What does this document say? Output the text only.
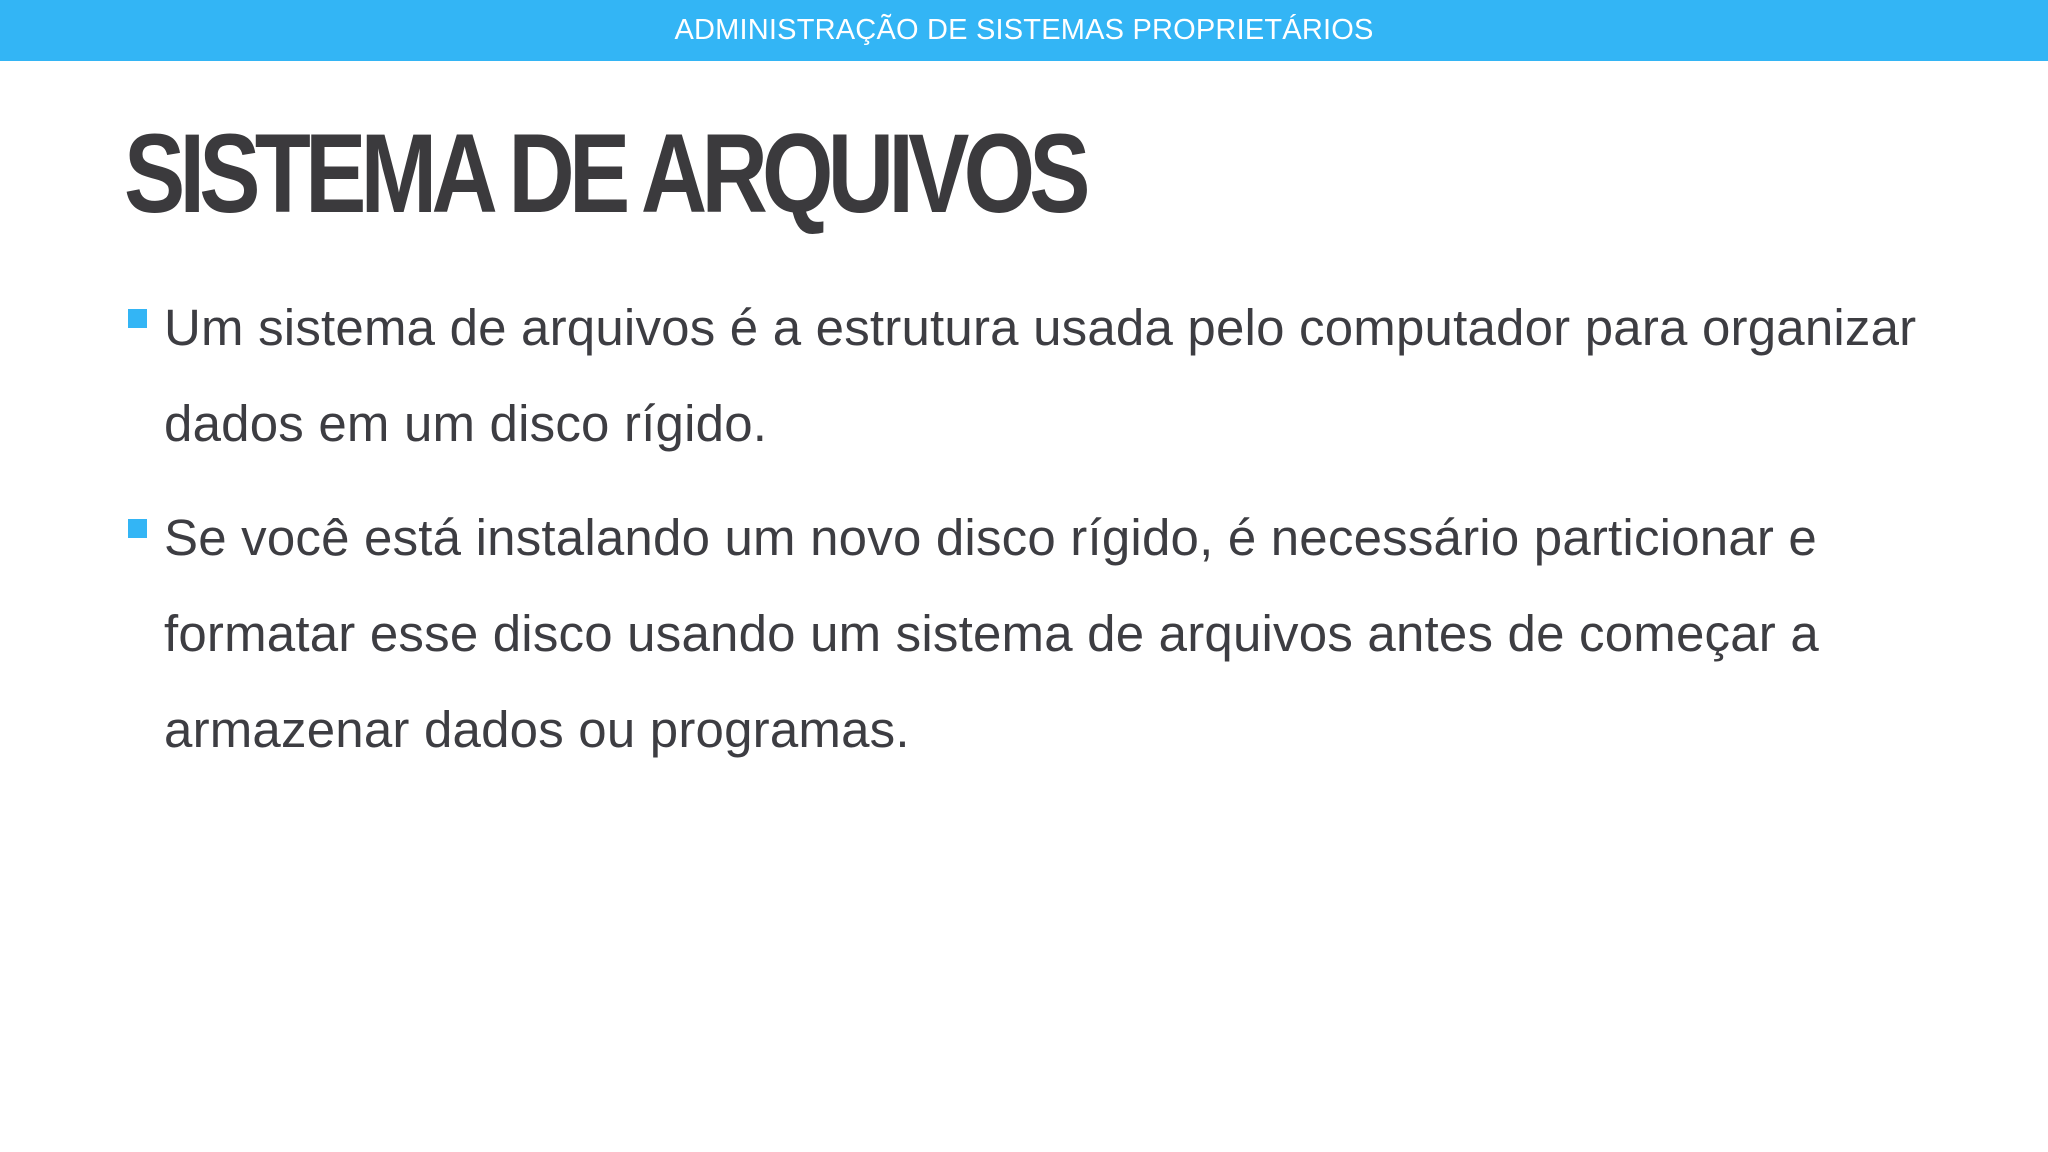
ADMINISTRAÇÃO DE SISTEMAS PROPRIETÁRIOS
SISTEMA DE ARQUIVOS
Um sistema de arquivos é a estrutura usada pelo computador para organizar dados em um disco rígido.
Se você está instalando um novo disco rígido, é necessário particionar e formatar esse disco usando um sistema de arquivos antes de começar a armazenar dados ou programas.
